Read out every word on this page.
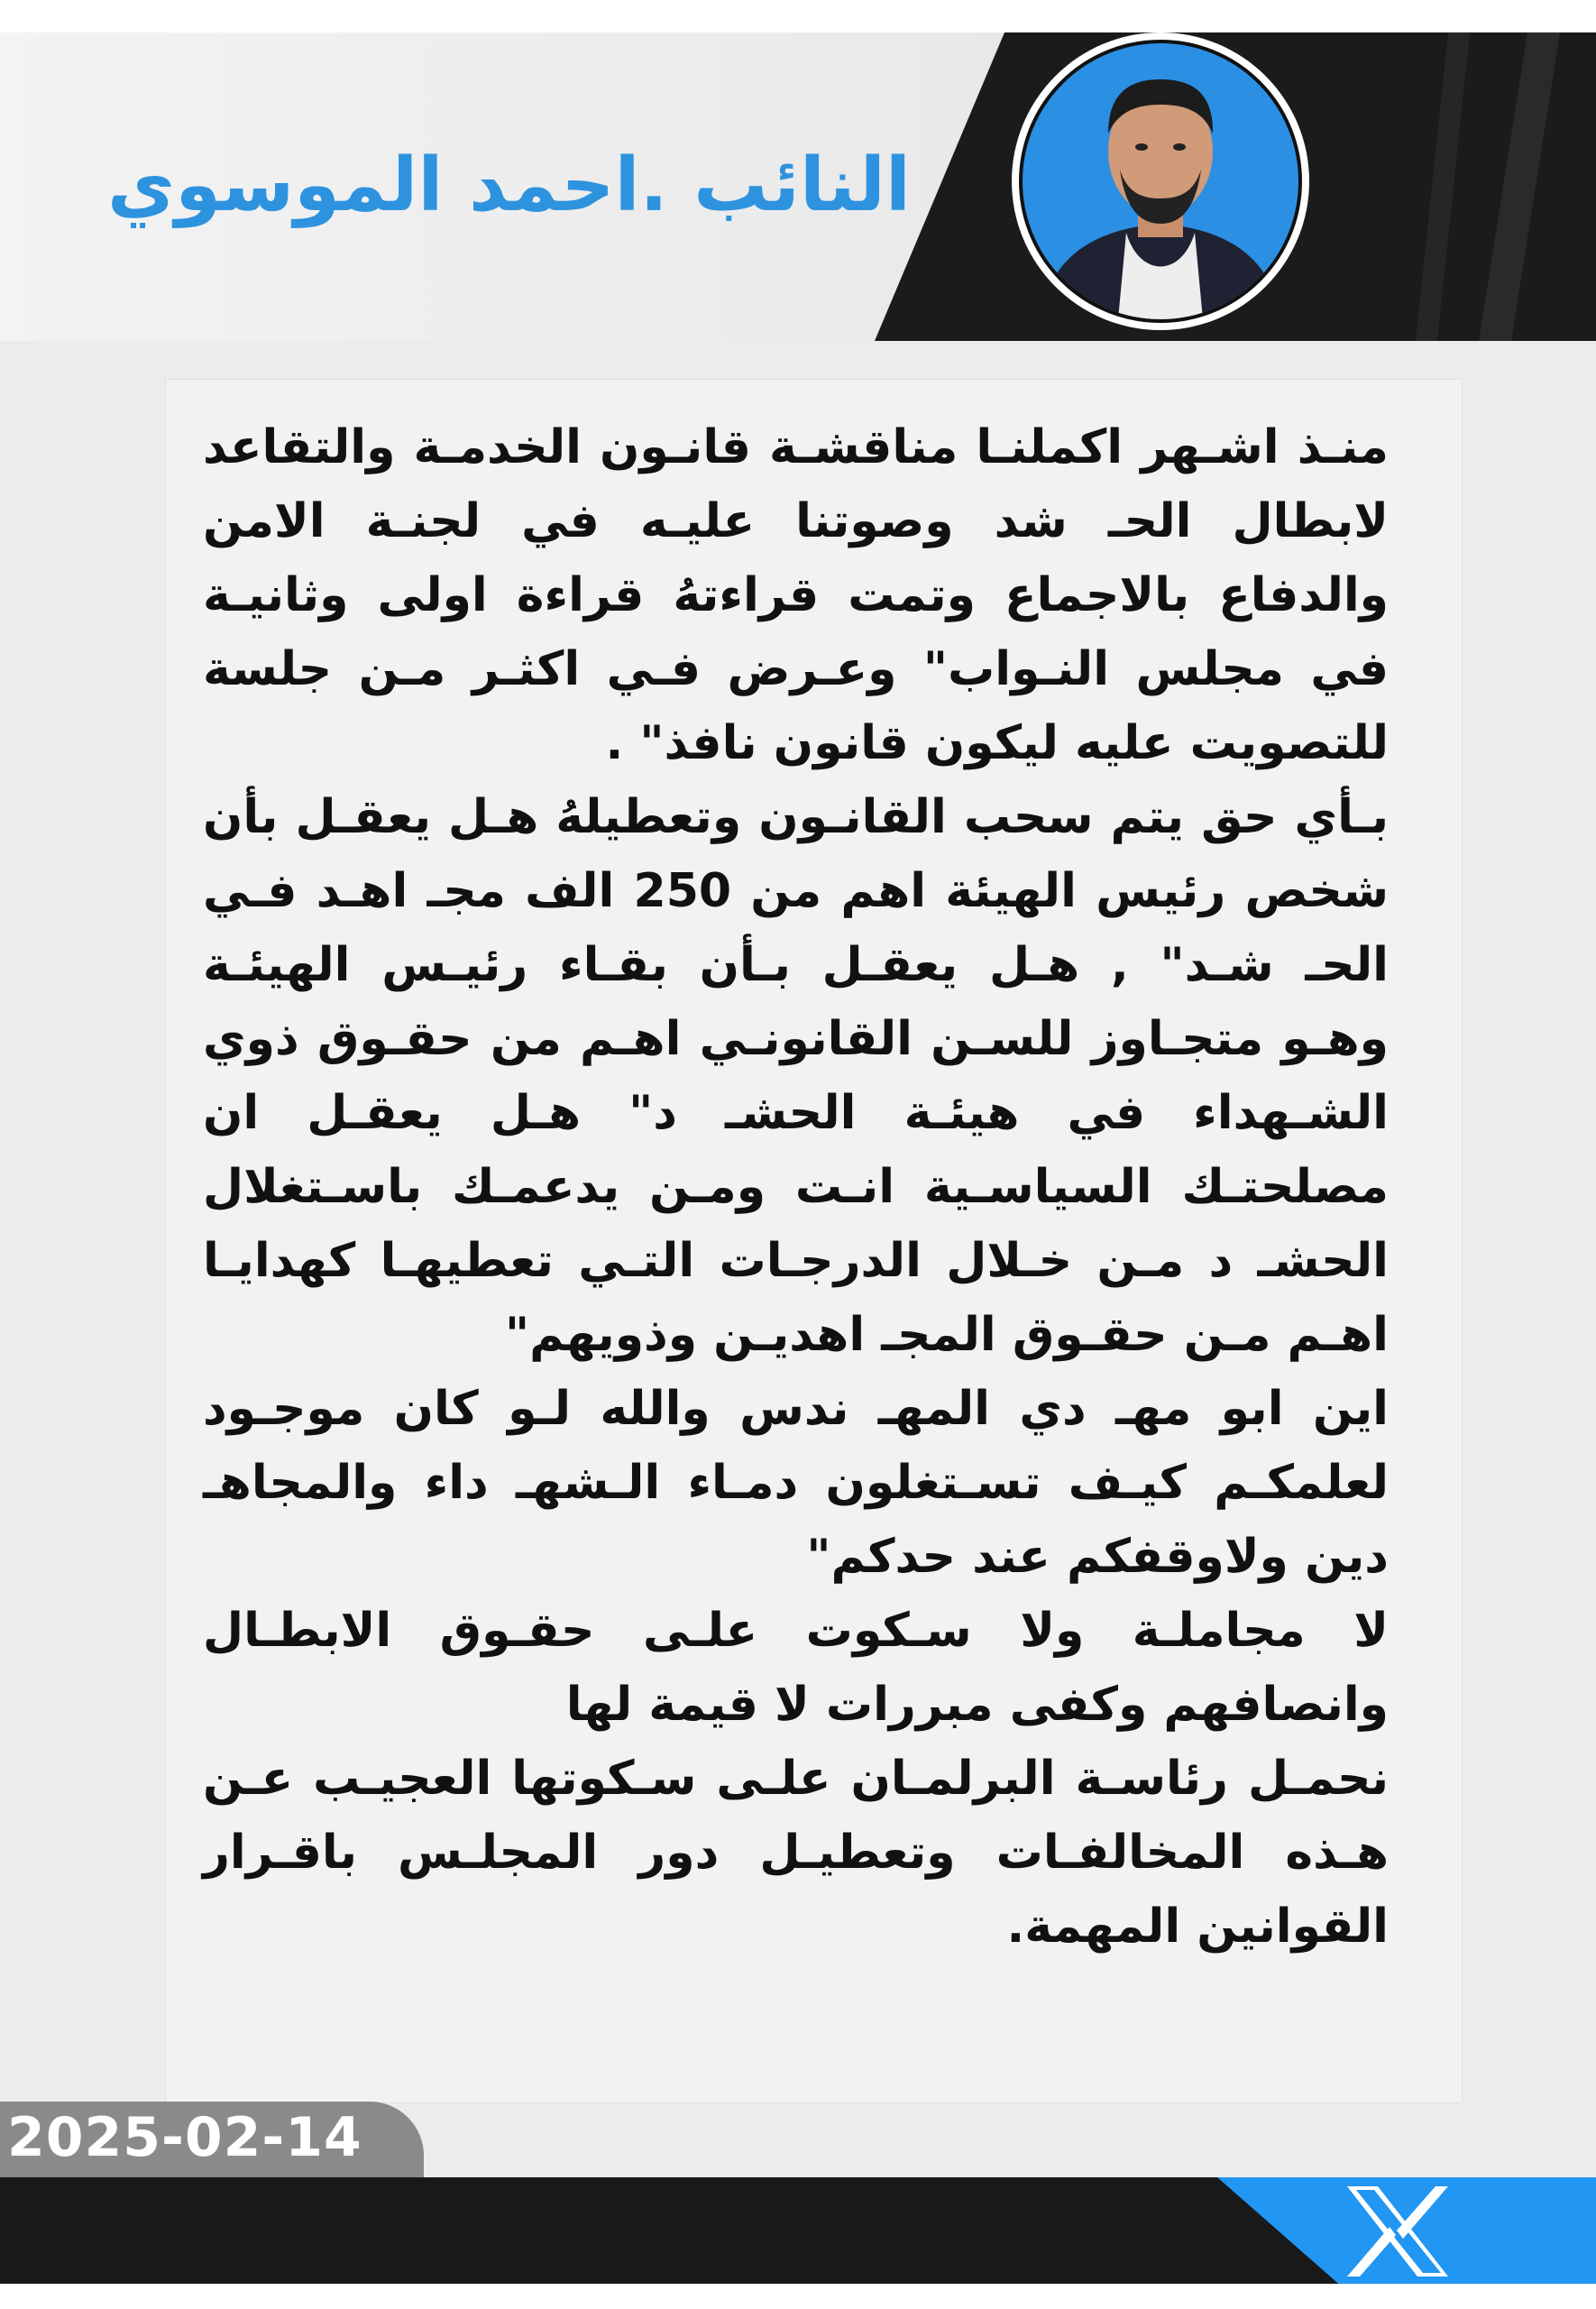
النائب .احمد الموسوي

منـذ اشـهر اكملنـا مناقشـة قانـون الخدمـة والتقاعد لابطال الحـ شد وصوتنا عليـه في لجنـة الامن والدفاع بالاجماع وتمت قراءتهُ قراءة اولى وثانيـة في مجلس النـواب" وعـرض فـي اكثـر مـن جلسة للتصويت عليه ليكون قانون نافذ" .

بـأي حق يتم سحب القانـون وتعطيلهُ هـل يعقـل بأن شخص رئيس الهيئة اهم من 250 الف مجـ اهـد فـي الحـ شـد" , هـل يعقـل بـأن بقـاء رئيـس الهيئـة وهـو متجـاوز للسـن القانونـي اهـم من حقـوق ذوي الشـهداء في هيئـة الحشـ د" هـل يعقـل ان مصلحتـك السياسـية انـت ومـن يدعمـك باسـتغلال الحشـ د مـن خـلال الدرجـات التـي تعطيهـا كهدايـا اهـم مـن حقـوق المجـ اهديـن وذويهم"

اين ابو مهـ دي المهـ ندس والله لـو كان موجـود لعلمكـم كيـف تسـتغلون دمـاء الـشهـ داء والمجاهـ دين ولاوقفكم عند حدكم"

لا مجاملـة ولا سـكوت علـى حقـوق الابطـال وانصافهم وكفى مبررات لا قيمة لها

نحمـل رئاسـة البرلمـان علـى سـكوتها العجيـب عـن هـذه المخالفـات وتعطيـل دور المجلـس باقـرار القوانين المهمة.

2025-02-14
